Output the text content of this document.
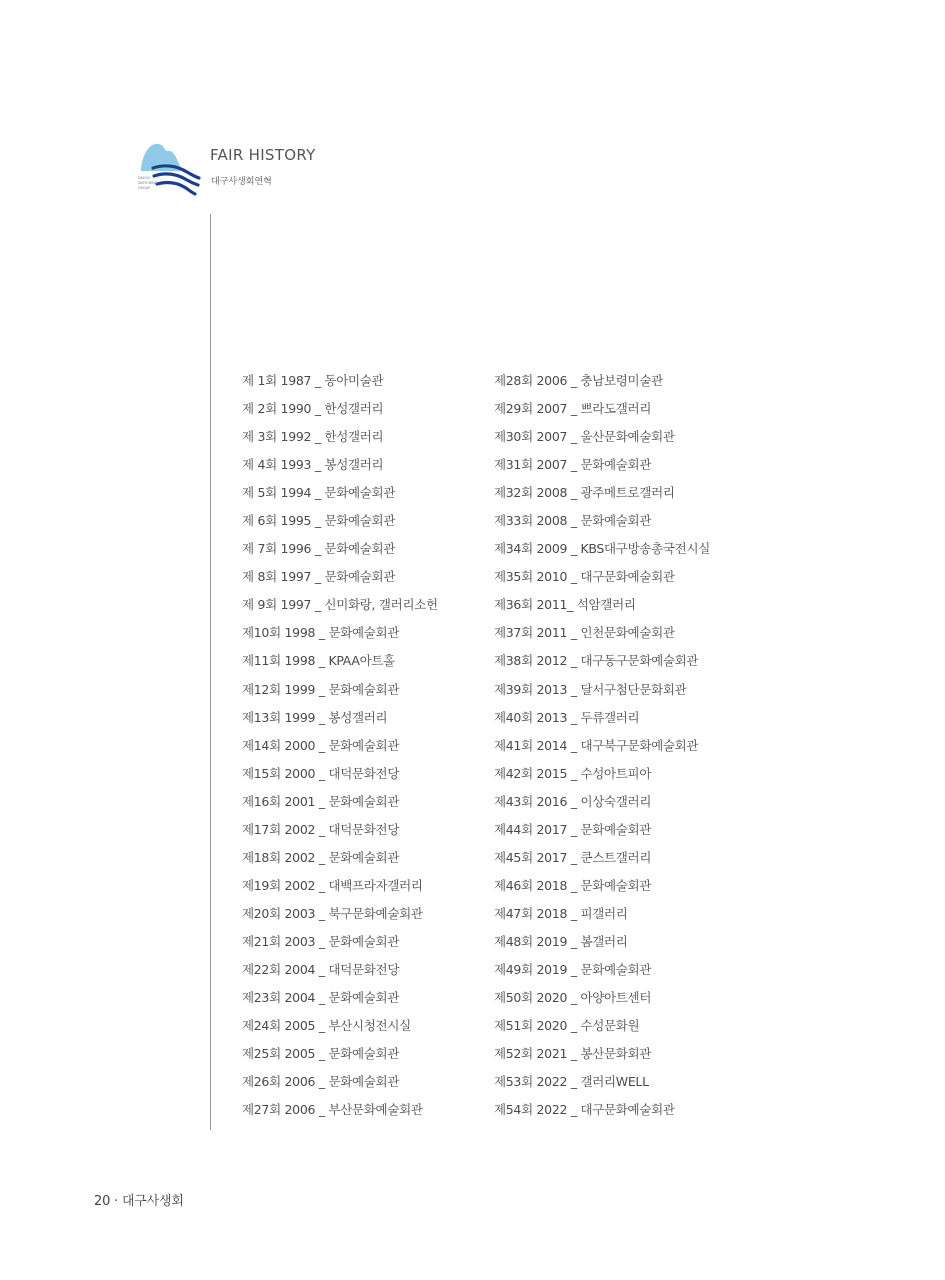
DAEGU
SKETCHING
GROUP
FAIR HISTORY
대구사생회연혁
제 1회 1987 _ 동아미술관
제 2회 1990 _ 한성갤러리
제 3회 1992 _ 한성갤러리
제 4회 1993 _ 봉성갤러리
제 5회 1994 _ 문화예술회관
제 6회 1995 _ 문화예술회관
제 7회 1996 _ 문화예술회관
제 8회 1997 _ 문화예술회관
제 9회 1997 _ 신미화랑, 갤러리소헌
제10회 1998 _ 문화예술회관
제11회 1998 _ KPAA아트홀
제12회 1999 _ 문화예술회관
제13회 1999 _ 봉성갤러리
제14회 2000 _ 문화예술회관
제15회 2000 _ 대덕문화전당
제16회 2001 _ 문화예술회관
제17회 2002 _ 대덕문화전당
제18회 2002 _ 문화예술회관
제19회 2002 _ 대백프라자갤러리
제20회 2003 _ 북구문화예술회관
제21회 2003 _ 문화예술회관
제22회 2004 _ 대덕문화전당
제23회 2004 _ 문화예술회관
제24회 2005 _ 부산시청전시실
제25회 2005 _ 문화예술회관
제26회 2006 _ 문화예술회관
제27회 2006 _ 부산문화예술회관
제28회 2006 _ 충남보령미술관
제29회 2007 _ 쁘라도갤러리
제30회 2007 _ 울산문화예술회관
제31회 2007 _ 문화예술회관
제32회 2008 _ 광주메트로갤러리
제33회 2008 _ 문화예술회관
제34회 2009 _ KBS대구방송총국전시실
제35회 2010 _ 대구문화예술회관
제36회 2011_ 석암갤러리
제37회 2011 _ 인천문화예술회관
제38회 2012 _ 대구동구문화예술회관
제39회 2013 _ 달서구첨단문화회관
제40회 2013 _ 두류갤러리
제41회 2014 _ 대구북구문화예술회관
제42회 2015 _ 수성아트피아
제43회 2016 _ 이상숙갤러리
제44회 2017 _ 문화예술회관
제45회 2017 _ 쿤스트갤러리
제46회 2018 _ 문화예술회관
제47회 2018 _ 피갤러리
제48회 2019 _ 봄갤러리
제49회 2019 _ 문화예술회관
제50회 2020 _ 아양아트센터
제51회 2020 _ 수성문화원
제52회 2021 _ 봉산문화회관
제53회 2022 _ 갤러리WELL
제54회 2022 _ 대구문화예술회관
20 · 대구사생회
